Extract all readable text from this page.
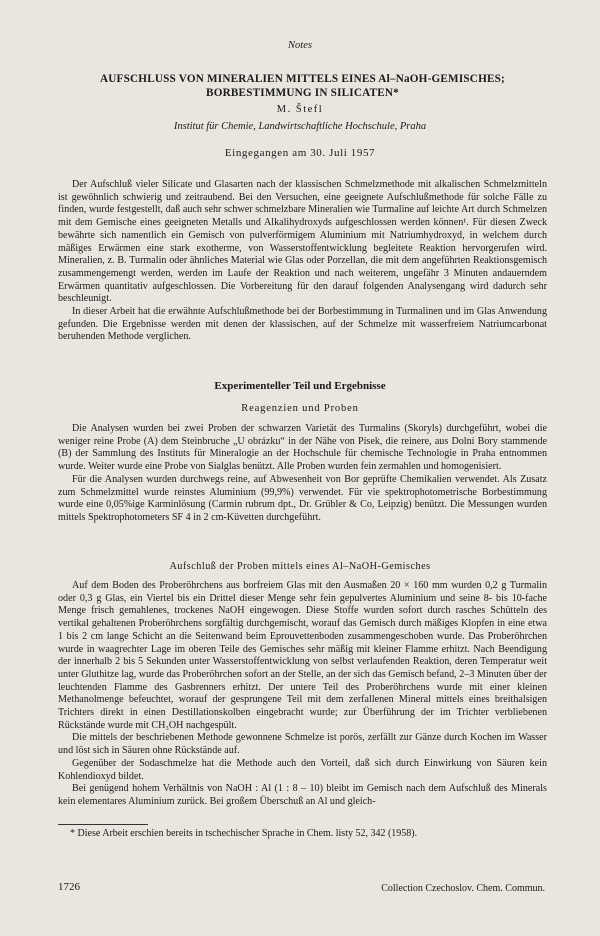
Notes
AUFSCHLUSS VON MINERALIEN MITTELS EINES Al–NaOH-GEMISCHES;
BORBESTIMMUNG IN SILICATEN*
M. Štefl
Institut für Chemie, Landwirtschaftliche Hochschule, Praha
Eingegangen am 30. Juli 1957

Der Aufschluß vieler Silicate und Glasarten nach der klassischen Schmelzmethode mit alkalischen Schmelzmitteln ist gewöhnlich schwierig und zeitraubend. Bei den Versuchen, eine geeignete Aufschlußmethode für solche Fälle zu finden, wurde festgestellt, daß auch sehr schwer schmelzbare Mineralien wie Turmaline auf leichte Art durch Schmelzen mit dem Gemische eines geeigneten Metalls und Alkalihydroxyds aufgeschlossen werden können¹. Für diesen Zweck bewährte sich namentlich ein Gemisch von pulverförmigem Aluminium mit Natriumhydroxyd, in welchem durch mäßiges Erwärmen eine stark exotherme, von Wasserstoffentwicklung begleitete Reaktion hervorgerufen wird. Mineralien, z. B. Turmalin oder ähnliches Material wie Glas oder Porzellan, die mit dem angeführten Reaktionsgemisch zusammengemengt werden, werden im Laufe der Reaktion und nach weiterem, ungefähr 3 Minuten andauerndem Erwärmen quantitativ aufgeschlossen. Die Vorbereitung für den darauf folgenden Analysengang wird dadurch sehr beschleunigt.

In dieser Arbeit hat die erwähnte Aufschlußmethode bei der Borbestimmung in Turmalinen und im Glas Anwendung gefunden. Die Ergebnisse werden mit denen der klassischen, auf der Schmelze mit wasserfreiem Natriumcarbonat beruhenden Methode verglichen.

Experimenteller Teil und Ergebnisse
Reagenzien und Proben

Die Analysen wurden bei zwei Proben der schwarzen Varietät des Turmalins (Skoryls) durchgeführt, wobei die weniger reine Probe (A) dem Steinbruche „U obrázku“ in der Nähe von Písek, die reinere, aus Dolní Bory stammende (B) der Sammlung des Instituts für Mineralogie an der Hochschule für chemische Technologie in Praha entnommen wurde. Weiter wurde eine Probe von Sialglas benützt. Alle Proben wurden fein zermahlen und homogenisiert.

Für die Analysen wurden durchwegs reine, auf Abwesenheit von Bor geprüfte Chemikalien verwendet. Als Zusatz zum Schmelzmittel wurde reinstes Aluminium (99,9%) verwendet. Für vie spektrophotometrische Borbestimmung wurde eine 0,05%ige Karminlösung (Carmin rubrum dpt., Dr. Grübler & Co, Leipzig) benützt. Die Messungen wurden mittels Spektrophotometers SF 4 in 2 cm-Küvetten durchgeführt.

Aufschluß der Proben mittels eines Al–NaOH-Gemisches

Auf dem Boden des Proberöhrchens aus borfreiem Glas mit den Ausmaßen 20 × 160 mm wurden 0,2 g Turmalin oder 0,3 g Glas, ein Viertel bis ein Drittel dieser Menge sehr fein gepulvertes Aluminium und seine 8- bis 10-fache Menge frisch gemahlenes, trockenes NaOH eingewogen. Diese Stoffe wurden sofort durch rasches Schütteln des vertikal gehaltenen Proberöhrchens sorgfältig durchgemischt, worauf das Gemisch durch mäßiges Klopfen in eine etwa 1 bis 2 cm lange Schicht an die Seitenwand beim Eprouvettenboden zusammengeschoben wurde. Das Proberöhrchen wurde in waagrechter Lage im oberen Teile des Gemisches sehr mäßig mit kleiner Flamme erhitzt. Nach Beendigung der innerhalb 2 bis 5 Sekunden unter Wasserstoffentwicklung von selbst verlaufenden Reaktion, deren Temperatur weit unter Gluthitze lag, wurde das Proberöhrchen sofort an der Stelle, an der sich das Gemisch befand, 2–3 Minuten über der leuchtenden Flamme des Gasbrenners erhitzt. Der untere Teil des Proberöhrchens wurde mit einer kleinen Methanolmenge befeuchtet, worauf der gesprungene Teil mit dem zerfallenen Mineral mittels eines breithalsigen Trichters direkt in einen Destillationskolben eingebracht wurde; zur Überführung der im Trichter verbliebenen Rückstände wurde mit CH₃OH nachgespült.

Die mittels der beschriebenen Methode gewonnene Schmelze ist porös, zerfällt zur Gänze durch Kochen im Wasser und löst sich in Säuren ohne Rückstände auf.

Gegenüber der Sodaschmelze hat die Methode auch den Vorteil, daß sich durch Einwirkung von Säuren kein Kohlendioxyd bildet.

Bei genügend hohem Verhältnis von NaOH : Al (1 : 8 – 10) bleibt im Gemisch nach dem Aufschluß des Minerals kein elementares Aluminium zurück. Bei großem Überschuß an Al und gleich-

* Diese Arbeit erschien bereits in tschechischer Sprache in Chem. listy 52, 342 (1958).
1726	Collection Czechoslov. Chem. Commun.
